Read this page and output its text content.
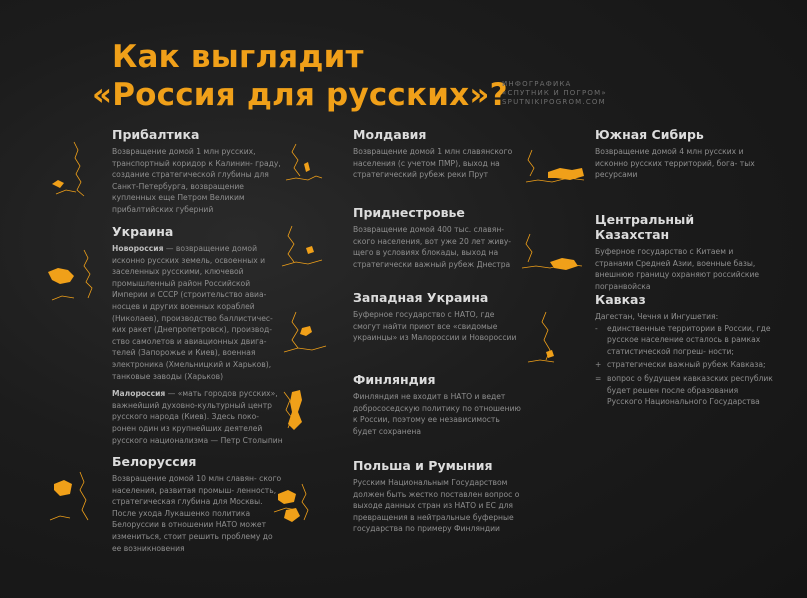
Как выглядит
«Россия для русских»?
ИНФОГРАФИКА
«СПУТНИК И ПОГРОМ»
SPUTNIKIPOGROM.COM
Прибалтика

Возвращение домой 1 млн русских, транспортный коридор к Калинин- граду, создание стратегической глубины для Санкт-Петербурга, возвращение купленных еще Петром Великим прибалтийских губерний

Украина

Новороссия — возвращение домой исконно русских земель, освоенных и заселенных русскими, ключевой промышленный район Российской Империи и СССР (строительство авиа- носцев и других военных кораблей (Николаев), производство баллистичес- ких ракет (Днепропетровск), производ- ство самолетов и авиационных двига- телей (Запорожье и Киев), военная электроника (Хмельницкий и Харьков), танковые заводы (Харьков)

Малороссия — «мать городов русских», важнейший духовно-культурный центр русского народа (Киев). Здесь поко- ронен один из крупнейших деятелей русского национализма — Петр Столыпин

Белоруссия

Возвращение домой 10 млн славян- ского населения, развитая промыш- ленность, стратегическая глубина для Москвы. После ухода Лукашенко политика Белоруссии в отношении НАТО может измениться, стоит решить проблему до ее возникновения

Молдавия

Возвращение домой 1 млн славянского населения (с учетом ПМР), выход на стратегический рубеж реки Прут

Приднестровье

Возвращение домой 400 тыс. славян- ского населения, вот уже 20 лет живу- щего в условиях блокады, выход на стратегически важный рубеж Днестра

Западная Украина

Буферное государство с НАТО, где смогут найти приют все «свидомые украинцы» из Малороссии и Новороссии

Финляндия

Финляндия не входит в НАТО и ведет добрососедскую политику по отношению к России, поэтому ее независимость будет сохранена

Польша и Румыния

Русским Национальным Государством должен быть жестко поставлен вопрос о выходе данных стран из НАТО и ЕС для превращения в нейтральные буферные государства по примеру Финляндии

Южная Сибирь

Возвращение домой 4 млн русских и исконно русских территорий, бога- тых ресурсами

Центральный Казахстан

Буферное государство с Китаем и странами Средней Азии, военные базы, внешнюю границу охраняют российские погранвойска

Кавказ

Дагестан, Чечня и Ингушетия:

- единственные территории в России, где русское население осталось в рамках статистической погреш- ности;
+ стратегически важный рубеж Кавказа;
= вопрос о будущем кавказских республик будет решен после образования Русского Национального Государства
